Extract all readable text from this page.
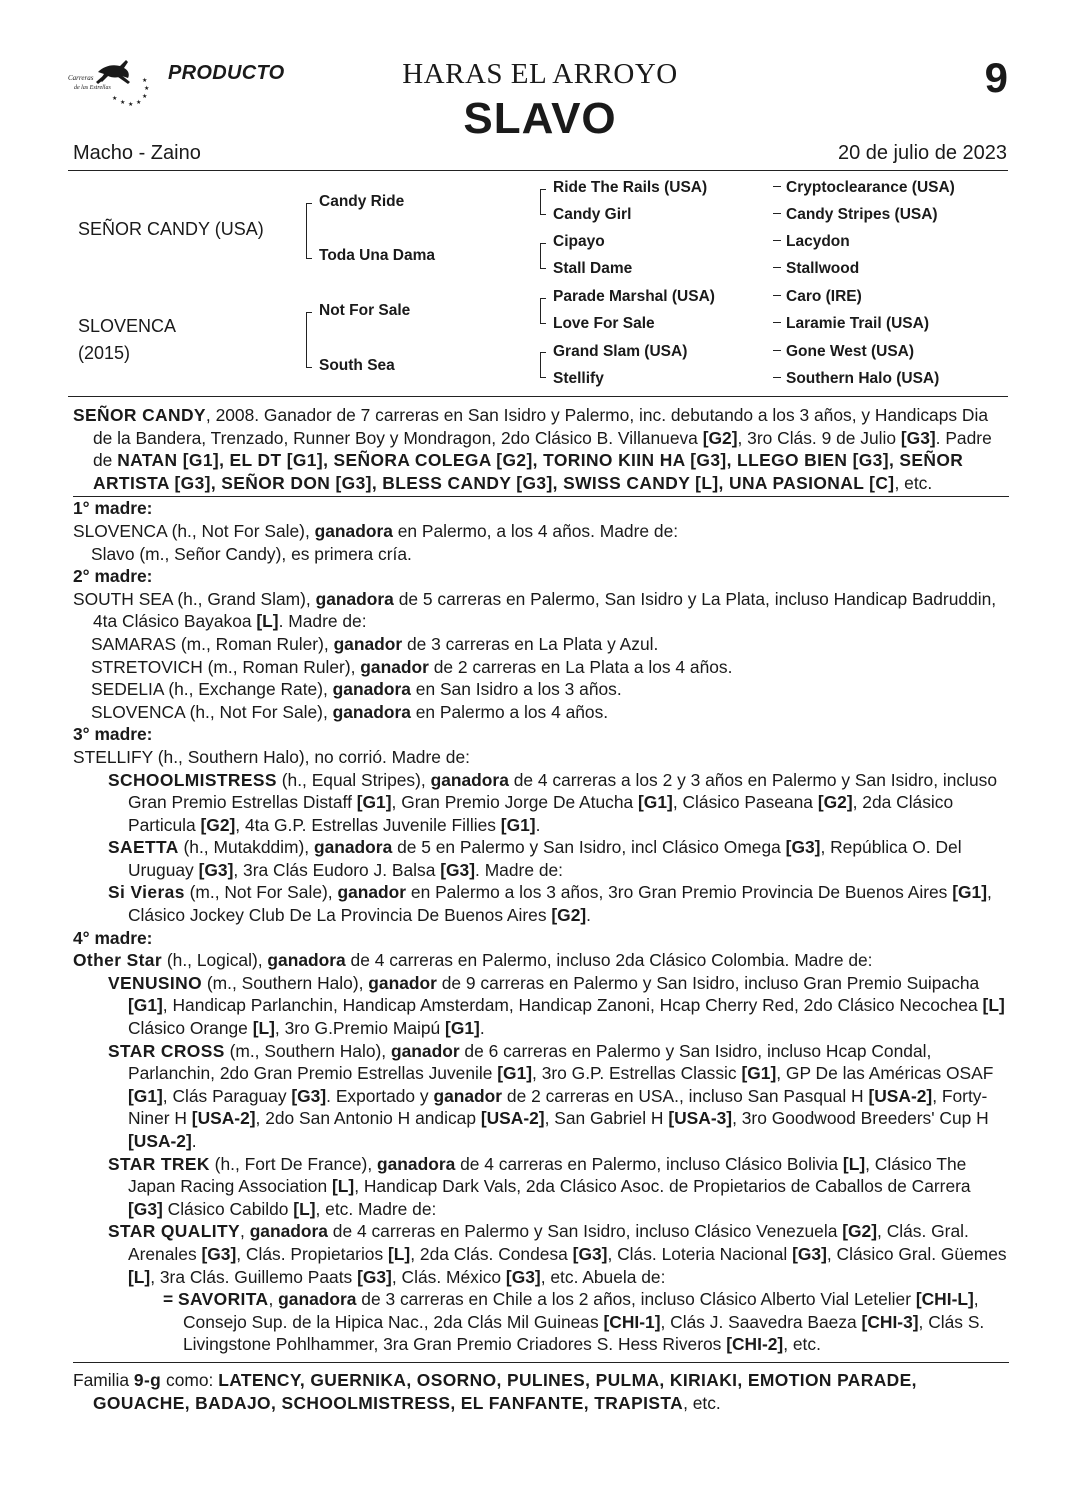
Carreras
de las Estrellas
★
★ ★ ★
★
★
★ PRODUCTO	HARAS EL ARROYO
SLAVO
9
Macho - Zaino	20 de julio de 2023
SEÑOR CANDY (USA)
SLOVENCA
(2015)
Candy Ride
Toda Una Dama
Not For Sale
South Sea
Ride The Rails (USA)
Candy Girl
Cipayo
Stall Dame
Parade Marshal (USA)
Love For Sale
Grand Slam (USA)
Stellify
Cryptoclearance (USA)
Candy Stripes (USA)
Lacydon
Stallwood
Caro (IRE)
Laramie Trail (USA)
Gone West (USA)
Southern Halo (USA)

SEÑOR CANDY, 2008. Ganador de 7 carreras en San Isidro y Palermo, inc. debutando a los 3 años, y Handicaps Dia de la Bandera, Trenzado, Runner Boy y Mondragon, 2do Clásico B. Villanueva [G2], 3ro Clás. 9 de Julio [G3]. Padre de NATAN [G1], EL DT [G1], SEÑORA COLEGA [G2], TORINO KIIN HA [G3], LLEGO BIEN [G3], SEÑOR ARTISTA [G3], SEÑOR DON [G3], BLESS CANDY [G3], SWISS CANDY [L], UNA PASIONAL [C], etc.

1° madre:

SLOVENCA (h., Not For Sale), ganadora en Palermo, a los 4 años. Madre de:

Slavo (m., Señor Candy), es primera cría.

2° madre:

SOUTH SEA (h., Grand Slam), ganadora de 5 carreras en Palermo, San Isidro y La Plata, incluso Handicap Badruddin, 4ta Clásico Bayakoa [L]. Madre de:

SAMARAS (m., Roman Ruler), ganador de 3 carreras en La Plata y Azul.

STRETOVICH (m., Roman Ruler), ganador de 2 carreras en La Plata a los 4 años.

SEDELIA (h., Exchange Rate), ganadora en San Isidro a los 3 años.

SLOVENCA (h., Not For Sale), ganadora en Palermo a los 4 años.

3° madre:

STELLIFY (h., Southern Halo), no corrió. Madre de:

SCHOOLMISTRESS (h., Equal Stripes), ganadora de 4 carreras a los 2 y 3 años en Palermo y San Isidro, incluso Gran Premio Estrellas Distaff [G1], Gran Premio Jorge De Atucha [G1], Clásico Paseana [G2], 2da Clásico Particula [G2], 4ta G.P. Estrellas Juvenile Fillies [G1].

SAETTA (h., Mutakddim), ganadora de 5 en Palermo y San Isidro, incl Clásico Omega [G3], República O. Del Uruguay [G3], 3ra Clás Eudoro J. Balsa [G3]. Madre de:

Si Vieras (m., Not For Sale), ganador en Palermo a los 3 años, 3ro Gran Premio Provincia De Buenos Aires [G1], Clásico Jockey Club De La Provincia De Buenos Aires [G2].

4° madre:

Other Star (h., Logical), ganadora de 4 carreras en Palermo, incluso 2da Clásico Colombia. Madre de:

VENUSINO (m., Southern Halo), ganador de 9 carreras en Palermo y San Isidro, incluso Gran Premio Suipacha [G1], Handicap Parlanchin, Handicap Amsterdam, Handicap Zanoni, Hcap Cherry Red, 2do Clásico Necochea [L] Clásico Orange [L], 3ro G.Premio Maipú [G1].

STAR CROSS (m., Southern Halo), ganador de 6 carreras en Palermo y San Isidro, incluso Hcap Condal, Parlanchin, 2do Gran Premio Estrellas Juvenile [G1], 3ro G.P. Estrellas Classic [G1], GP De las Américas OSAF [G1], Clás Paraguay [G3]. Exportado y ganador de 2 carreras en USA., incluso San Pasqual H [USA-2], Forty-Niner H [USA-2], 2do San Antonio H andicap [USA-2], San Gabriel H [USA-3], 3ro Goodwood Breeders' Cup H [USA-2].

STAR TREK (h., Fort De France), ganadora de 4 carreras en Palermo, incluso Clásico Bolivia [L], Clásico The Japan Racing Association [L], Handicap Dark Vals, 2da Clásico Asoc. de Propietarios de Caballos de Carrera [G3] Clásico Cabildo [L], etc. Madre de:

STAR QUALITY, ganadora de 4 carreras en Palermo y San Isidro, incluso Clásico Venezuela [G2], Clás. Gral. Arenales [G3], Clás. Propietarios [L], 2da Clás. Condesa [G3], Clás. Loteria Nacional [G3], Clásico Gral. Güemes [L], 3ra Clás. Guillemo Paats [G3], Clás. México [G3], etc. Abuela de:

= SAVORITA, ganadora de 3 carreras en Chile a los 2 años, incluso Clásico Alberto Vial Letelier [CHI-L], Consejo Sup. de la Hipica Nac., 2da Clás Mil Guineas [CHI-1], Clás J. Saavedra Baeza [CHI-3], Clás S. Livingstone Pohlhammer, 3ra Gran Premio Criadores S. Hess Riveros [CHI-2], etc.

Familia 9-g como: LATENCY, GUERNIKA, OSORNO, PULINES, PULMA, KIRIAKI, EMOTION PARADE, GOUACHE, BADAJO, SCHOOLMISTRESS, EL FANFANTE, TRAPISTA, etc.
